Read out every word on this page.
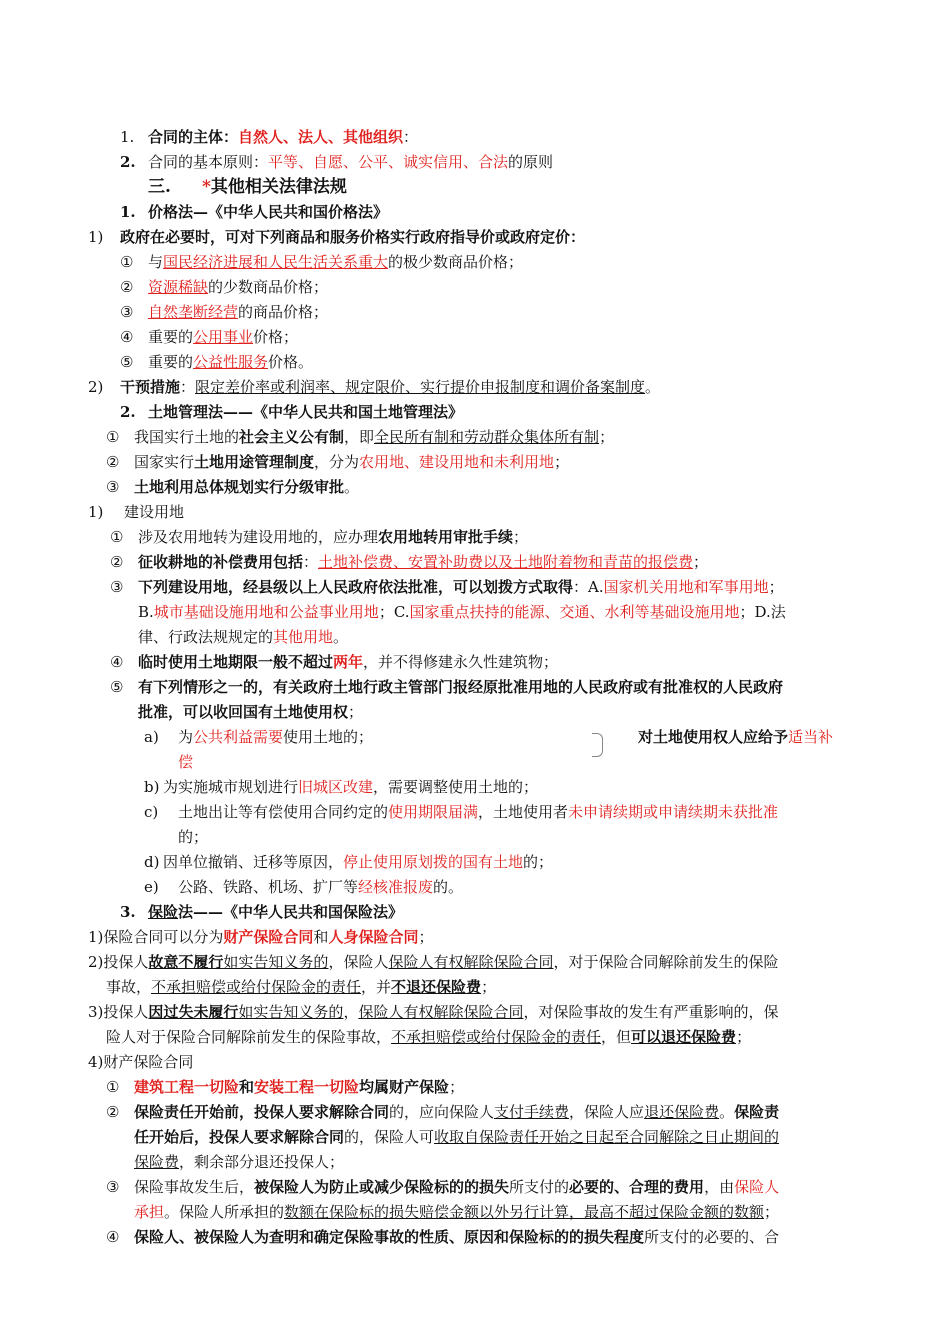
1. 合同的主体：自然人、法人、其他组织：
2. 合同的基本原则：平等、自愿、公平、诚实信用、合法的原则
三. *其他相关法律法规
1. 价格法—《中华人民共和国价格法》
1) 政府在必要时，可对下列商品和服务价格实行政府指导价或政府定价：
① 与国民经济进展和人民生活关系重大的极少数商品价格；
② 资源稀缺的少数商品价格；
③ 自然垄断经营的商品价格；
④ 重要的公用事业价格；
⑤ 重要的公益性服务价格。
2) 干预措施：限定差价率或利润率、规定限价、实行提价申报制度和调价备案制度。
2. 土地管理法——《中华人民共和国土地管理法》
① 我国实行土地的社会主义公有制，即全民所有制和劳动群众集体所有制；
② 国家实行土地用途管理制度，分为农用地、建设用地和未利用地；
③ 土地利用总体规划实行分级审批。
1) 建设用地
① 涉及农用地转为建设用地的，应办理农用地转用审批手续；
② 征收耕地的补偿费用包括：土地补偿费、安置补助费以及土地附着物和青苗的报偿费；
③ 下列建设用地，经县级以上人民政府依法批准，可以划拨方式取得：A.国家机关用地和军事用地；
B.城市基础设施用地和公益事业用地；C.国家重点扶持的能源、交通、水利等基础设施用地；D.法
律、行政法规规定的其他用地。
④ 临时使用土地期限一般不超过两年，并不得修建永久性建筑物；
⑤ 有下列情形之一的，有关政府土地行政主管部门报经原批准用地的人民政府或有批准权的人民政府
批准，可以收回国有土地使用权；
a) 为公共利益需要使用土地的；	对土地使用权人应给予适当补
偿
b) 为实施城市规划进行旧城区改建，需要调整使用土地的；
c) 土地出让等有偿使用合同约定的使用期限届满，土地使用者未申请续期或申请续期未获批准
的；
d) 因单位撤销、迁移等原因，停止使用原划拨的国有土地的；
e) 公路、铁路、机场、扩厂等经核准报废的。
3. 保险法——《中华人民共和国保险法》
1)保险合同可以分为财产保险合同和人身保险合同；
2)投保人故意不履行如实告知义务的，保险人保险人有权解除保险合同，对于保险合同解除前发生的保险
事故，不承担赔偿或给付保险金的责任，并不退还保险费；
3)投保人因过失未履行如实告知义务的，保险人有权解除保险合同，对保险事故的发生有严重影响的，保
险人对于保险合同解除前发生的保险事故，不承担赔偿或给付保险金的责任，但可以退还保险费；
4)财产保险合同
① 建筑工程一切险和安装工程一切险均属财产保险；
② 保险责任开始前，投保人要求解除合同的，应向保险人支付手续费，保险人应退还保险费。保险责
任开始后，投保人要求解除合同的，保险人可收取自保险责任开始之日起至合同解除之日止期间的
保险费，剩余部分退还投保人；
③ 保险事故发生后，被保险人为防止或减少保险标的的损失所支付的必要的、合理的费用，由保险人
承担。保险人所承担的数额在保险标的损失赔偿金额以外另行计算，最高不超过保险金额的数额；
④ 保险人、被保险人为查明和确定保险事故的性质、原因和保险标的的损失程度所支付的必要的、合
